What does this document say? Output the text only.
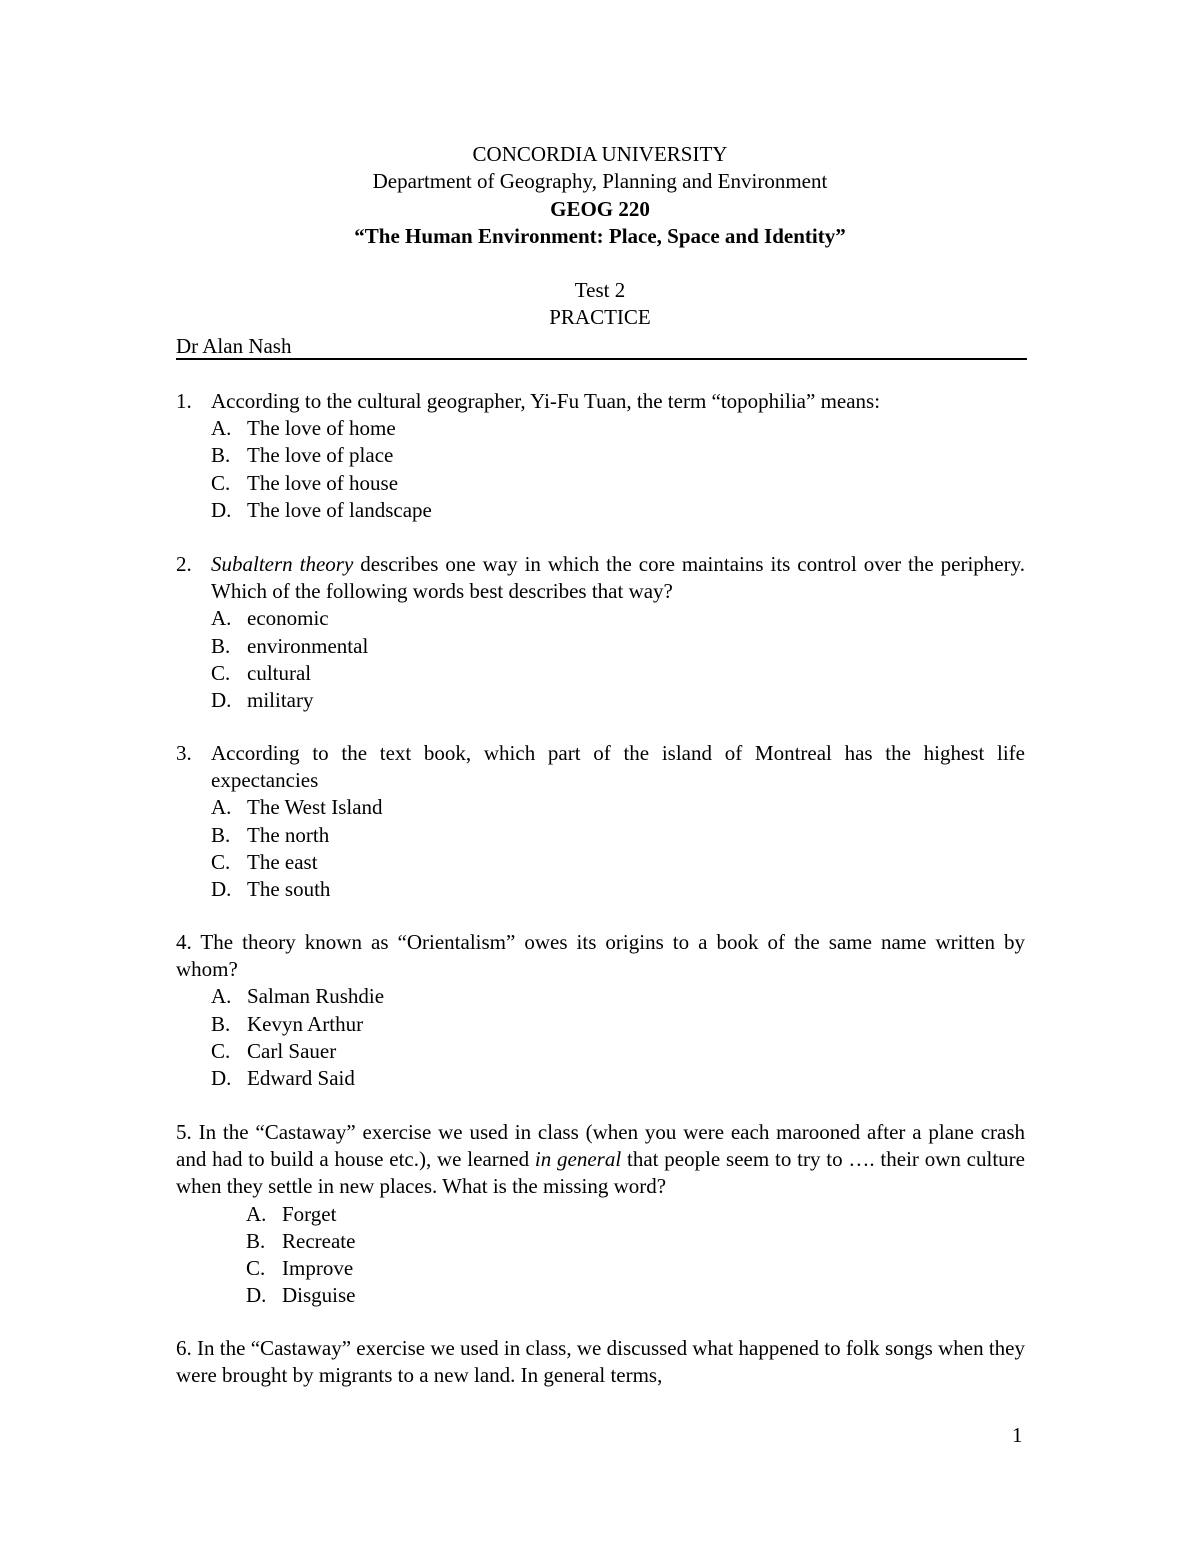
CONCORDIA UNIVERSITY
Department of Geography, Planning and Environment
GEOG 220
“The Human Environment: Place, Space and Identity”
Test 2
PRACTICE
Dr Alan Nash
1. According to the cultural geographer, Yi-Fu Tuan, the term “topophilia” means:
A. The love of home
B. The love of place
C. The love of house
D. The love of landscape
2. Subaltern theory describes one way in which the core maintains its control over the periphery. Which of the following words best describes that way?
A. economic
B. environmental
C. cultural
D. military
3. According to the text book, which part of the island of Montreal has the highest life expectancies
A. The West Island
B. The north
C. The east
D. The south
4. The theory known as “Orientalism” owes its origins to a book of the same name written by whom?
A. Salman Rushdie
B. Kevyn Arthur
C. Carl Sauer
D. Edward Said
5. In the “Castaway” exercise we used in class (when you were each marooned after a plane crash and had to build a house etc.), we learned in general that people seem to try to …. their own culture when they settle in new places. What is the missing word?
A. Forget
B. Recreate
C. Improve
D. Disguise
6. In the “Castaway” exercise we used in class, we discussed what happened to folk songs when they were brought by migrants to a new land. In general terms,
1
